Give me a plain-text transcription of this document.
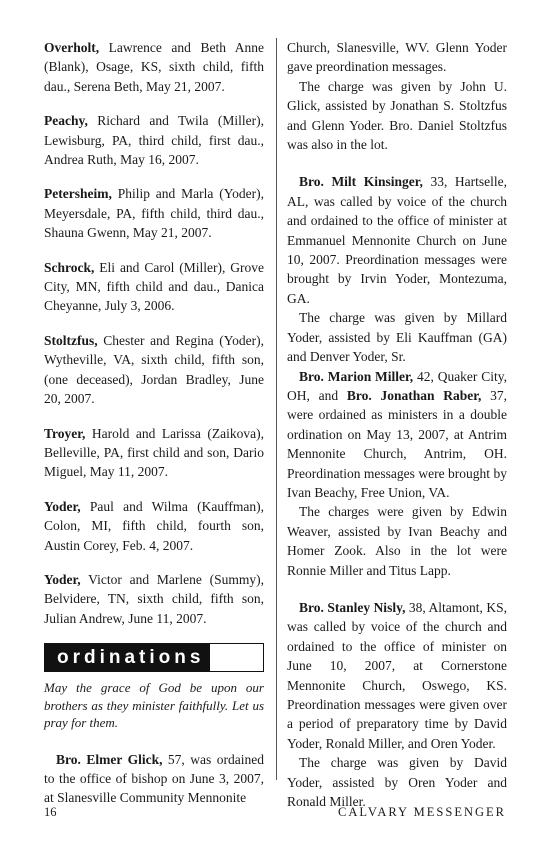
Overholt, Lawrence and Beth Anne (Blank), Osage, KS, sixth child, fifth dau., Serena Beth, May 21, 2007.

Peachy, Richard and Twila (Miller), Lewisburg, PA, third child, first dau., Andrea Ruth, May 16, 2007.

Petersheim, Philip and Marla (Yoder), Meyersdale, PA, fifth child, third dau., Shauna Gwenn, May 21, 2007.

Schrock, Eli and Carol (Miller), Grove City, MN, fifth child and dau., Danica Cheyanne, July 3, 2006.

Stoltzfus, Chester and Regina (Yoder), Wytheville, VA, sixth child, fifth son, (one deceased), Jordan Bradley, June 20, 2007.

Troyer, Harold and Larissa (Zaikova), Belleville, PA, first child and son, Dario Miguel, May 11, 2007.

Yoder, Paul and Wilma (Kauffman), Colon, MI, fifth child, fourth son, Austin Corey, Feb. 4, 2007.

Yoder, Victor and Marlene (Summy), Belvidere, TN, sixth child, fifth son, Julian Andrew, June 11, 2007.

ordinations

May the grace of God be upon our brothers as they minister faithfully. Let us pray for them.

Bro. Elmer Glick, 57, was ordained to the office of bishop on June 3, 2007, at Slanesville Community Mennonite

Church, Slanesville, WV. Glenn Yoder gave preordination messages.

The charge was given by John U. Glick, assisted by Jonathan S. Stoltzfus and Glenn Yoder. Bro. Daniel Stoltzfus was also in the lot.

Bro. Milt Kinsinger, 33, Hartselle, AL, was called by voice of the church and ordained to the office of minister at Emmanuel Mennonite Church on June 10, 2007. Preordination messages were brought by Irvin Yoder, Montezuma, GA.

The charge was given by Millard Yoder, assisted by Eli Kauffman (GA) and Denver Yoder, Sr.

Bro. Marion Miller, 42, Quaker City, OH, and Bro. Jonathan Raber, 37, were ordained as ministers in a double ordination on May 13, 2007, at Antrim Mennonite Church, Antrim, OH. Preordination messages were brought by Ivan Beachy, Free Union, VA.

The charges were given by Edwin Weaver, assisted by Ivan Beachy and Homer Zook. Also in the lot were Ronnie Miller and Titus Lapp.

Bro. Stanley Nisly, 38, Altamont, KS, was called by voice of the church and ordained to the office of minister on June 10, 2007, at Cornerstone Mennonite Church, Oswego, KS. Preordination messages were given over a period of preparatory time by David Yoder, Ronald Miller, and Oren Yoder.

The charge was given by David Yoder, assisted by Oren Yoder and Ronald Miller.

16	CALVARY MESSENGER
